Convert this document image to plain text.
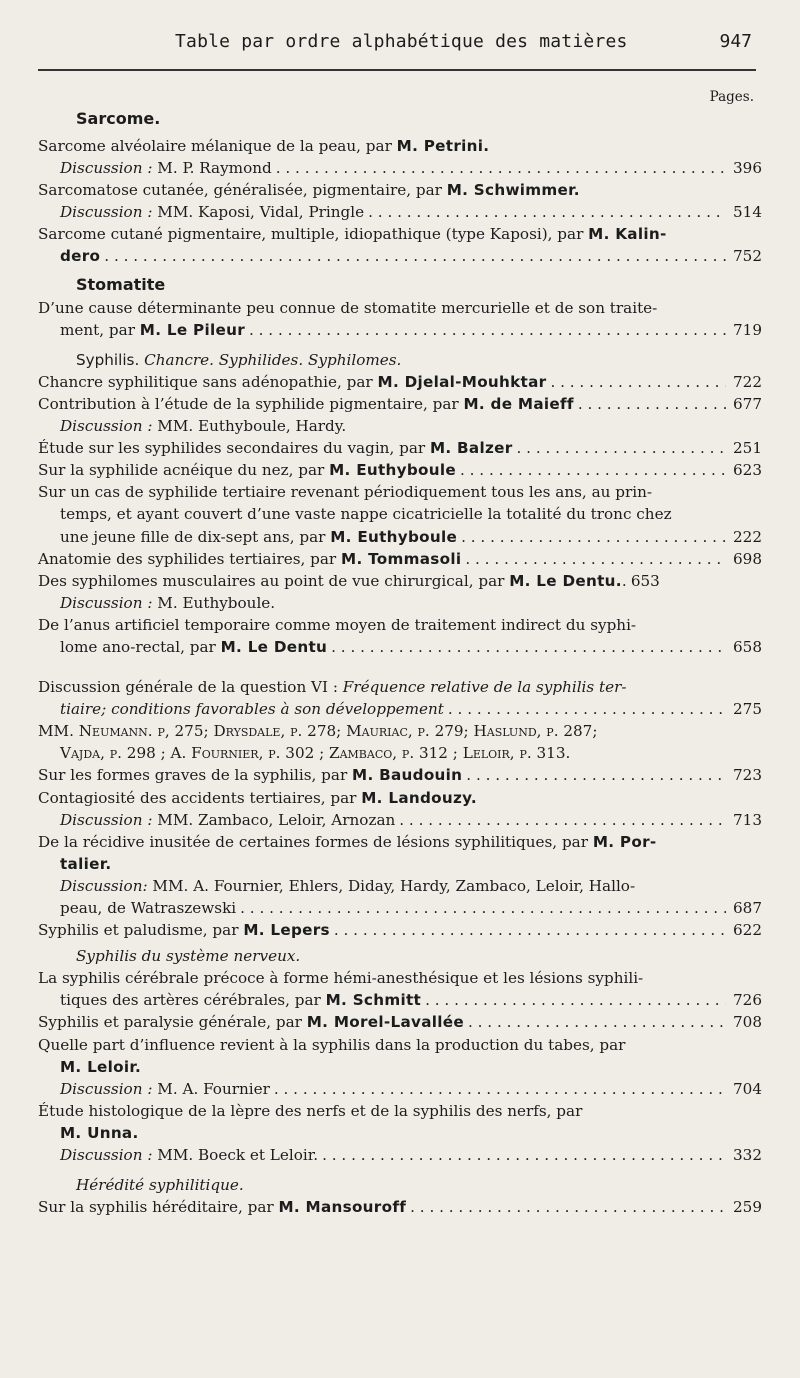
Table par ordre alphabétique des matières	947
Pages.
Sarcome.
Sarcome alvéolaire mélanique de la peau, par M. Petrini.
Discussion : M. P. Raymond . . .	396
Sarcomatose cutanée, généralisée, pigmentaire, par M. Schwimmer.
Discussion : MM. Kaposi, Vidal, Pringle . . .	514
Sarcome cutané pigmentaire, multiple, idiopathique (type Kaposi), par M. Kalin-
dero . . .	752
Stomatite
D’une cause déterminante peu connue de stomatite mercurielle et de son traite-
ment, par M. Le Pileur . . .	719
Syphilis. Chancre. Syphilides. Syphilomes.
Chancre syphilitique sans adénopathie, par M. Djelal-Mouhktar . . .	722
Contribution à l’étude de la syphilide pigmentaire, par M. de Maieff . . .	677
Discussion : MM. Euthyboule, Hardy.
Étude sur les syphilides secondaires du vagin, par M. Balzer . . .	251
Sur la syphilide acnéique du nez, par M. Euthyboule . . .	623
Sur un cas de syphilide tertiaire revenant périodiquement tous les ans, au prin-
temps, et ayant couvert d’une vaste nappe cicatricielle la totalité du tronc chez
une jeune fille de dix-sept ans, par M. Euthyboule . . .	222
Anatomie des syphilides tertiaires, par M. Tommasoli . . .	698
Des syphilomes musculaires au point de vue chirurgical, par M. Le Dentu. . . . 653
Discussion : M. Euthyboule.
De l’anus artificiel temporaire comme moyen de traitement indirect du syphi-
lome ano-rectal, par M. Le Dentu . . .	658
Discussion générale de la question VI : Fréquence relative de la syphilis ter-
tiaire; conditions favorables à son développement . . .	275
MM. Neumann. p, 275; Drysdale, p. 278; Mauriac, p. 279; Haslund, p. 287;
Vajda, p. 298 ; A. Fournier, p. 302 ; Zambaco, p. 312 ; Leloir, p. 313.
Sur les formes graves de la syphilis, par M. Baudouin . . .	723
Contagiosité des accidents tertiaires, par M. Landouzy.
Discussion : MM. Zambaco, Leloir, Arnozan . . .	713
De la récidive inusitée de certaines formes de lésions syphilitiques, par M. Por-
talier.
Discussion: MM. A. Fournier, Ehlers, Diday, Hardy, Zambaco, Leloir, Hallo-
peau, de Watraszewski . . .	687
Syphilis et paludisme, par M. Lepers . . .	622
Syphilis du système nerveux.
La syphilis cérébrale précoce à forme hémi-anesthésique et les lésions syphili-
tiques des artères cérébrales, par M. Schmitt . . .	726
Syphilis et paralysie générale, par M. Morel-Lavallée . . .	708
Quelle part d’influence revient à la syphilis dans la production du tabes, par
M. Leloir.
Discussion : M. A. Fournier . . .	704
Étude histologique de la lèpre des nerfs et de la syphilis des nerfs, par
M. Unna.
Discussion : MM. Boeck et Leloir. . . .	332
Hérédité syphilitique.
Sur la syphilis héréditaire, par M. Mansouroff . . .	259
